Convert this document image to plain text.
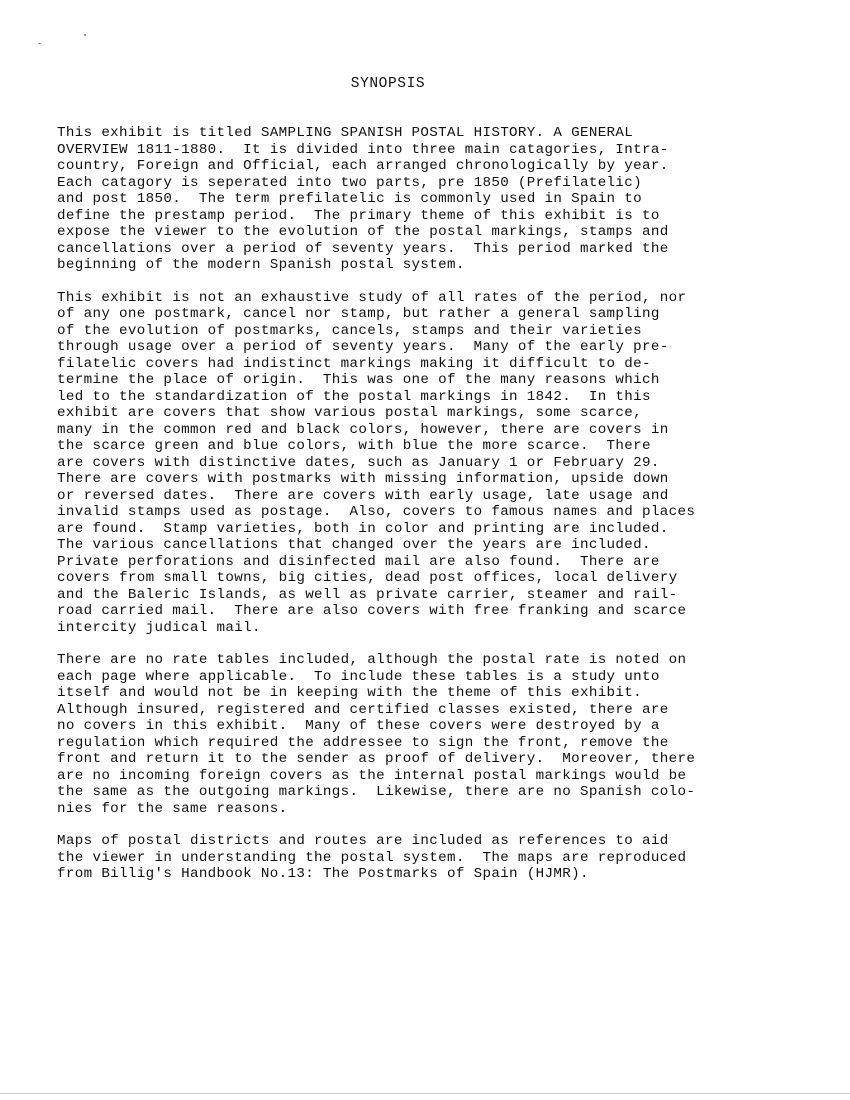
SYNOPSIS
This exhibit is titled SAMPLING SPANISH POSTAL HISTORY. A GENERAL
OVERVIEW 1811-1880.  It is divided into three main catagories, Intra-
country, Foreign and Official, each arranged chronologically by year.
Each catagory is seperated into two parts, pre 1850 (Prefilatelic)
and post 1850.  The term prefilatelic is commonly used in Spain to
define the prestamp period.  The primary theme of this exhibit is to
expose the viewer to the evolution of the postal markings, stamps and
cancellations over a period of seventy years.  This period marked the
beginning of the modern Spanish postal system.
This exhibit is not an exhaustive study of all rates of the period, nor
of any one postmark, cancel nor stamp, but rather a general sampling
of the evolution of postmarks, cancels, stamps and their varieties
through usage over a period of seventy years.  Many of the early pre-
filatelic covers had indistinct markings making it difficult to de-
termine the place of origin.  This was one of the many reasons which
led to the standardization of the postal markings in 1842.  In this
exhibit are covers that show various postal markings, some scarce,
many in the common red and black colors, however, there are covers in
the scarce green and blue colors, with blue the more scarce.  There
are covers with distinctive dates, such as January 1 or February 29.
There are covers with postmarks with missing information, upside down
or reversed dates.  There are covers with early usage, late usage and
invalid stamps used as postage.  Also, covers to famous names and places
are found.  Stamp varieties, both in color and printing are included.
The various cancellations that changed over the years are included.
Private perforations and disinfected mail are also found.  There are
covers from small towns, big cities, dead post offices, local delivery
and the Baleric Islands, as well as private carrier, steamer and rail-
road carried mail.  There are also covers with free franking and scarce
intercity judical mail.
There are no rate tables included, although the postal rate is noted on
each page where applicable.  To include these tables is a study unto
itself and would not be in keeping with the theme of this exhibit.
Although insured, registered and certified classes existed, there are
no covers in this exhibit.  Many of these covers were destroyed by a
regulation which required the addressee to sign the front, remove the
front and return it to the sender as proof of delivery.  Moreover, there
are no incoming foreign covers as the internal postal markings would be
the same as the outgoing markings.  Likewise, there are no Spanish colo-
nies for the same reasons.
Maps of postal districts and routes are included as references to aid
the viewer in understanding the postal system.  The maps are reproduced
from Billig's Handbook No.13: The Postmarks of Spain (HJMR).
